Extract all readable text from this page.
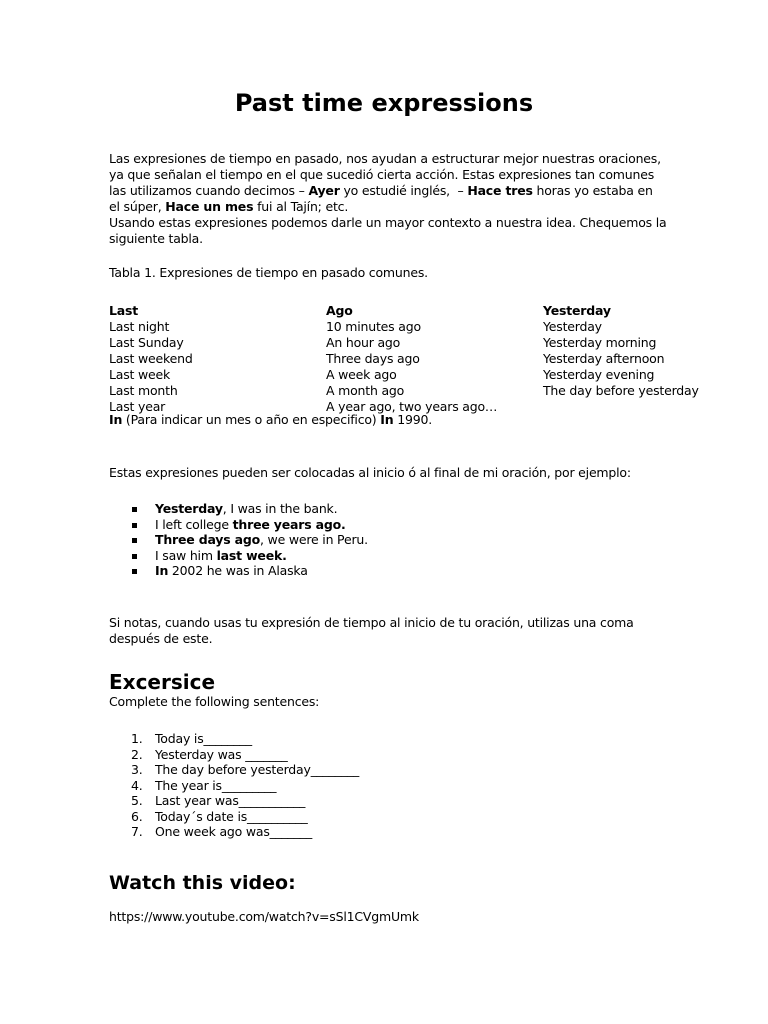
Past time expressions
Las expresiones de tiempo en pasado, nos ayudan a estructurar mejor nuestras oraciones,
ya que señalan el tiempo en el que sucedió cierta acción. Estas expresiones tan comunes
las utilizamos cuando decimos – Ayer yo estudié inglés,  – Hace tres horas yo estaba en
el súper, Hace un mes fui al Tajín; etc.
Usando estas expresiones podemos darle un mayor contexto a nuestra idea. Chequemos la
siguiente tabla.
Tabla 1. Expresiones de tiempo en pasado comunes.
Last
Last night
Last Sunday
Last weekend
Last week
Last month
Last year
Ago
10 minutes ago
An hour ago
Three days ago
A week ago
A month ago
A year ago, two years ago…
Yesterday
Yesterday
Yesterday morning
Yesterday afternoon
Yesterday evening
The day before yesterday
In (Para indicar un mes o año en especifico) In 1990.
Estas expresiones pueden ser colocadas al inicio ó al final de mi oración, por ejemplo:
Yesterday, I was in the bank.
I left college three years ago.
Three days ago, we were in Peru.
I saw him last week.
In 2002 he was in Alaska
Si notas, cuando usas tu expresión de tiempo al inicio de tu oración, utilizas una coma
después de este.
Excersice
Complete the following sentences:
1. Today is________
2. Yesterday was _______
3. The day before yesterday________
4. The year is_________
5. Last year was___________
6. Today´s date is__________
7. One week ago was_______
Watch this video:
https://www.youtube.com/watch?v=sSl1CVgmUmk
